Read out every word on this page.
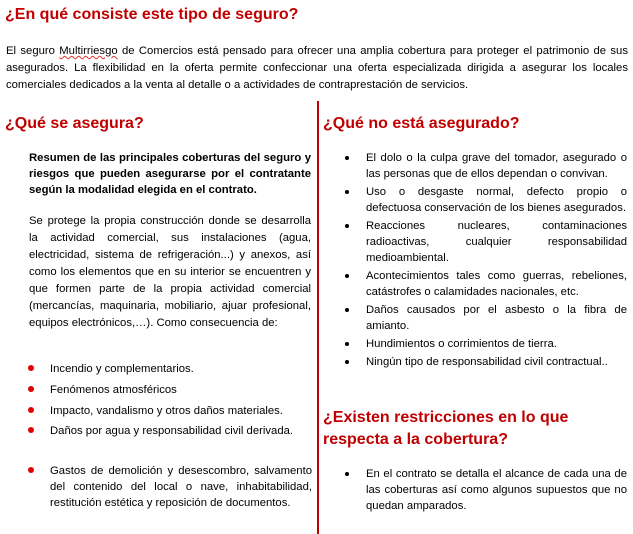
¿En qué consiste este tipo de seguro?

El seguro Multirriesgo de Comercios está pensado para ofrecer una amplia cobertura para proteger el patrimonio de sus asegurados. La flexibilidad en la oferta permite confeccionar una oferta especializada dirigida a asegurar los locales comerciales dedicados a la venta al detalle o a actividades de contraprestación de servicios.

¿Qué se asegura?

Resumen de las principales coberturas del seguro y riesgos que pueden asegurarse por el contratante según la modalidad elegida en el contrato.

Se protege la propia construcción donde se desarrolla la actividad comercial, sus instalaciones (agua, electricidad, sistema de refrigeración...) y anexos, así como los elementos que en su interior se encuentren y que formen parte de la propia actividad comercial (mercancías, maquinaria, mobiliario, ajuar profesional, equipos electrónicos,…). Como consecuencia de:

Incendio y complementarios.
Fenómenos atmosféricos
Impacto, vandalismo y otros daños materiales.
Daños por agua y responsabilidad civil derivada.
Gastos de demolición y desescombro, salvamento del contenido del local o nave, inhabitabilidad, restitución estética y reposición de documentos.
¿Qué no está asegurado?
El dolo o la culpa grave del tomador, asegurado o las personas que de ellos dependan o convivan.
Uso o desgaste normal, defecto propio o defectuosa conservación de los bienes asegurados.
Reacciones nucleares, contaminaciones radioactivas, cualquier responsabilidad medioambiental.
Acontecimientos tales como guerras, rebeliones, catástrofes o calamidades nacionales, etc.
Daños causados por el asbesto o la fibra de amianto.
Hundimientos o corrimientos de tierra.
Ningún tipo de responsabilidad civil contractual..
¿Existen restricciones en lo que respecta a la cobertura?
En el contrato se detalla el alcance de cada una de las coberturas así como algunos supuestos que no quedan amparados.
